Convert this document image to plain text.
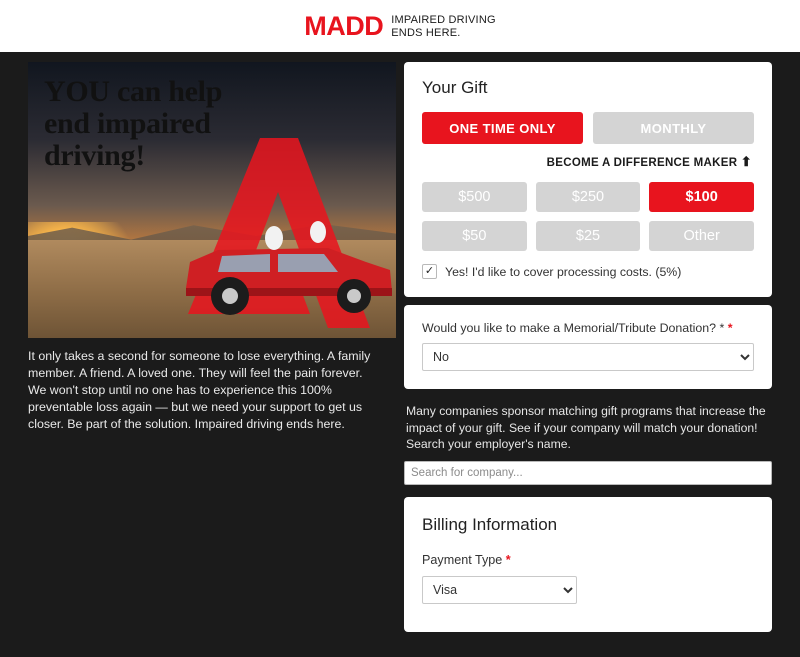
MADD IMPAIRED DRIVING
ENDS HERE.
YOU can help end impaired driving!
It only takes a second for someone to lose everything. A family member. A friend. A loved one. They will feel the pain forever. We won't stop until no one has to experience this 100% preventable loss again — but we need your support to get us closer. Be part of the solution. Impaired driving ends here.
Your Gift
ONE TIME ONLY	MONTHLY
BECOME A DIFFERENCE MAKER ⬆
$500	$250	$100
$50	$25	Other
✓ Yes! I'd like to cover processing costs. (5%)
Would you like to make a Memorial/Tribute Donation? * *
No
Many companies sponsor matching gift programs that increase the impact of your gift. See if your company will match your donation! Search your employer's name.
Search for company...
Billing Information
Payment Type *
Visa
